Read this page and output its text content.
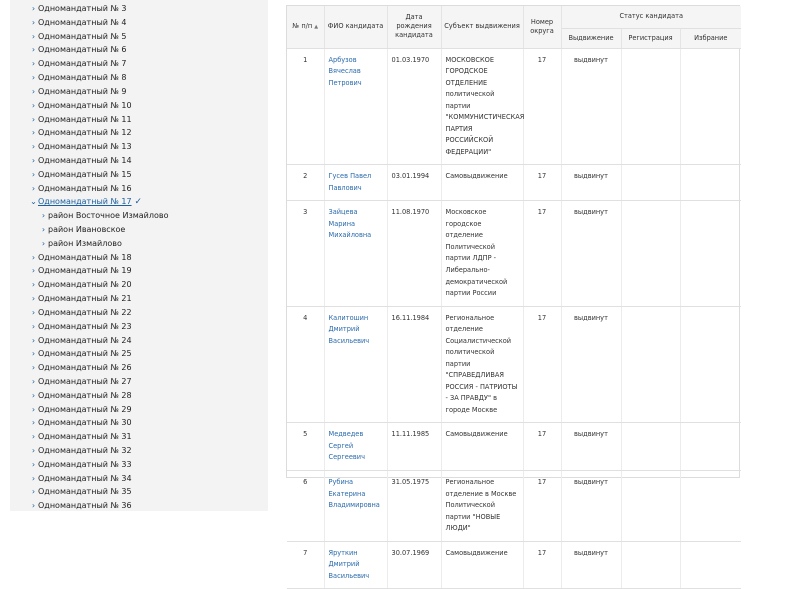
› Одномандатный № 3
› Одномандатный № 4
› Одномандатный № 5
› Одномандатный № 6
› Одномандатный № 7
› Одномандатный № 8
› Одномандатный № 9
› Одномандатный № 10
› Одномандатный № 11
› Одномандатный № 12
› Одномандатный № 13
› Одномандатный № 14
› Одномандатный № 15
› Одномандатный № 16
⌄Одномандатный № 17 ✓
› район Восточное Измайлово
› район Ивановское
› район Измайлово
› Одномандатный № 18
› Одномандатный № 19
› Одномандатный № 20
› Одномандатный № 21
› Одномандатный № 22
› Одномандатный № 23
› Одномандатный № 24
› Одномандатный № 25
› Одномандатный № 26
› Одномандатный № 27
› Одномандатный № 28
› Одномандатный № 29
› Одномандатный № 30
› Одномандатный № 31
› Одномандатный № 32
› Одномандатный № 33
› Одномандатный № 34
› Одномандатный № 35
› Одномандатный № 36
№ п/п ▲	ФИО кандидата	Дата рождения кандидата	Субъект выдвижения	Номер округа	Статус кандидата		
					Выдвижение	Регистрация	Избрание
1	Арбузов Вячеслав Петрович	01.03.1970	МОСКОВСКОЕ ГОРОДСКОЕ ОТДЕЛЕНИЕ политической партии "КОММУНИСТИЧЕСКАЯ ПАРТИЯ РОССИЙСКОЙ ФЕДЕРАЦИИ"	17	выдвинут		
2	Гусев Павел Павлович	03.01.1994	Самовыдвижение	17	выдвинут		
3	Зайцева Марина Михайловна	11.08.1970	Московское городское отделение Политической партии ЛДПР - Либерально-демократической партии России	17	выдвинут		
4	Калитошин Дмитрий Васильевич	16.11.1984	Региональное отделение Социалистической политической партии "СПРАВЕДЛИВАЯ РОССИЯ - ПАТРИОТЫ - ЗА ПРАВДУ" в городе Москве	17	выдвинут		
5	Медведев Сергей Сергеевич	11.11.1985	Самовыдвижение	17	выдвинут		
6	Рубина Екатерина Владимировна	31.05.1975	Региональное отделение в Москве Политической партии "НОВЫЕ ЛЮДИ"	17	выдвинут		
7	Яруткин Дмитрий Васильевич	30.07.1969	Самовыдвижение	17	выдвинут		
